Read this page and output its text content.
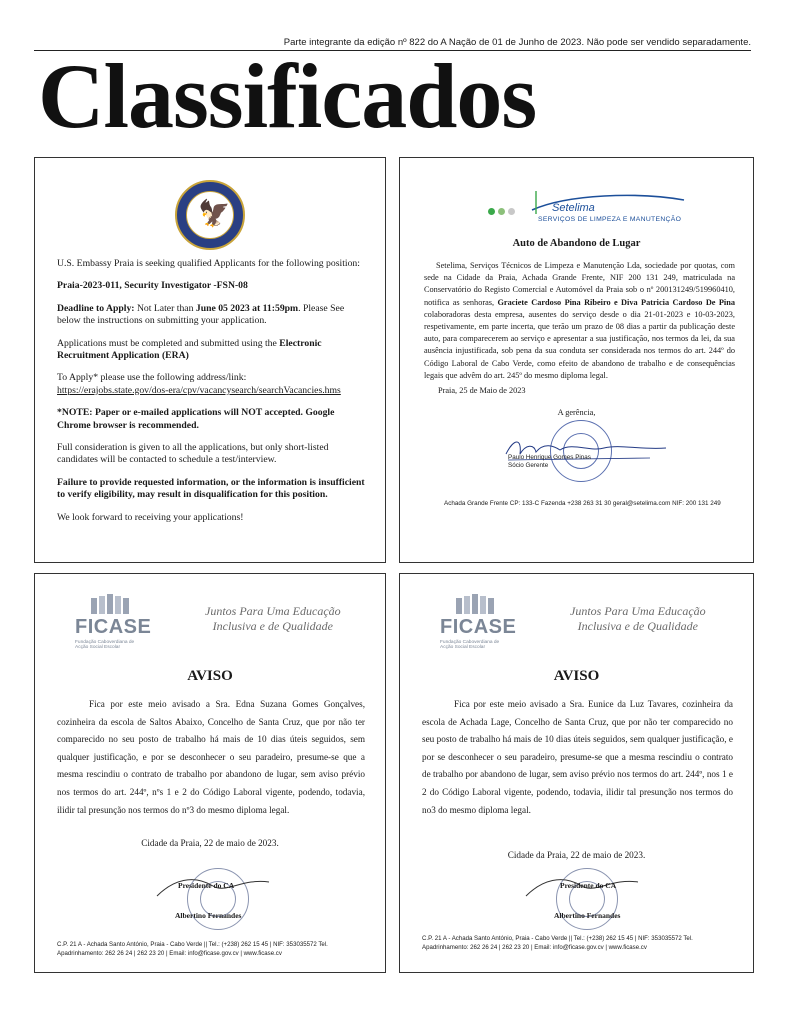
Parte integrante da edição nº 822 do A Nação de 01 de Junho de 2023. Não pode ser vendido separadamente.
Classificados
🦅

U.S. Embassy Praia is seeking qualified Applicants for the following position:

Praia-2023-011, Security Investigator -FSN-08

Deadline to Apply: Not Later than June 05 2023 at 11:59pm. Please See below the instructions on submitting your application.

Applications must be completed and submitted using the Electronic Recruitment Application (ERA)

To Apply* please use the following address/link:
https://erajobs.state.gov/dos-era/cpv/vacancysearch/searchVacancies.hms

*NOTE: Paper or e-mailed applications will NOT accepted. Google Chrome browser is recommended.

Full consideration is given to all the applications, but only short-listed candidates will be contacted to schedule a test/interview.

Failure to provide requested information, or the information is insufficient to verify eligibility, may result in disqualification for this position.

We look forward to receiving your applications!

Setelima
SERVIÇOS DE LIMPEZA E MANUTENÇÃO
Auto de Abandono de Lugar
Setelima, Serviços Técnicos de Limpeza e Manutenção Lda, sociedade por quotas, com sede na Cidade da Praia, Achada Grande Frente, NIF 200 131 249, matriculada na Conservatório do Registo Comercial e Automóvel da Praia sob o nº 200131249/519960410, notifica as senhoras, Graciete Cardoso Pina Ribeiro e Diva Patricia Cardoso De Pina colaboradoras desta empresa, ausentes do serviço desde o dia 21-01-2023 e 10-03-2023, respetivamente, em parte incerta, que terão um prazo de 08 dias a partir da publicação deste auto, para comparecerem ao serviço e apresentar a sua justificação, nos termos da lei, da sua ausência injustificada, sob pena da sua conduta ser considerada nos termos do art. 244º do Código Laboral de Cabo Verde, como efeito de abandono de trabalho e de consequências legais que advêm do art. 245º do mesmo diploma legal.
Praia, 25 de Maio de 2023
A gerência,
Paulo Henrique Gomes Pinas
Sócio Gerente
Achada Grande Frente CP: 133-C Fazenda +238 263 31 30 geral@setelima.com NIF: 200 131 249
FICASE
Fundação Caboverdiana de Acção Social Escolar
Juntos Para Uma Educação
Inclusiva e de Qualidade
AVISO
Fica por este meio avisado a Sra. Edna Suzana Gomes Gonçalves, cozinheira da escola de Saltos Abaixo, Concelho de Santa Cruz, que por não ter comparecido no seu posto de trabalho há mais de 10 dias úteis seguidos, sem qualquer justificação, e por se desconhecer o seu paradeiro, presume-se que a mesma rescindiu o contrato de trabalho por abandono de lugar, sem aviso prévio nos termos do art. 244º, nºs 1 e 2 do Código Laboral vigente, podendo, todavia, ilidir tal presunção nos termos do nº3 do mesmo diploma legal.
Cidade da Praia, 22 de maio de 2023.
Presidente do CA
Albertino Fernandes
C.P. 21 A - Achada Santo António, Praia - Cabo Verde || Tel.: (+238) 262 15 45 | NIF: 353035572 Tel. Apadrinhamento: 262 26 24 | 262 23 20 | Email: info@ficase.gov.cv | www.ficase.cv
FICASE
Fundação Caboverdiana de Acção Social Escolar
Juntos Para Uma Educação
Inclusiva e de Qualidade
AVISO
Fica por este meio avisado a Sra. Eunice da Luz Tavares, cozinheira da escola de Achada Lage, Concelho de Santa Cruz, que por não ter comparecido no seu posto de trabalho há mais de 10 dias úteis seguidos, sem qualquer justificação, e por se desconhecer o seu paradeiro, presume-se que a mesma rescindiu o contrato de trabalho por abandono de lugar, sem aviso prévio nos termos do art. 244º, nos 1 e 2 do Código Laboral vigente, podendo, todavia, ilidir tal presunção nos termos do no3 do mesmo diploma legal.
Cidade da Praia, 22 de maio de 2023.
Presidente do CA
Albertino Fernandes
C.P. 21 A - Achada Santo António, Praia - Cabo Verde || Tel.: (+238) 262 15 45 | NIF: 353035572 Tel. Apadrinhamento: 262 26 24 | 262 23 20 | Email: info@ficase.gov.cv | www.ficase.cv
